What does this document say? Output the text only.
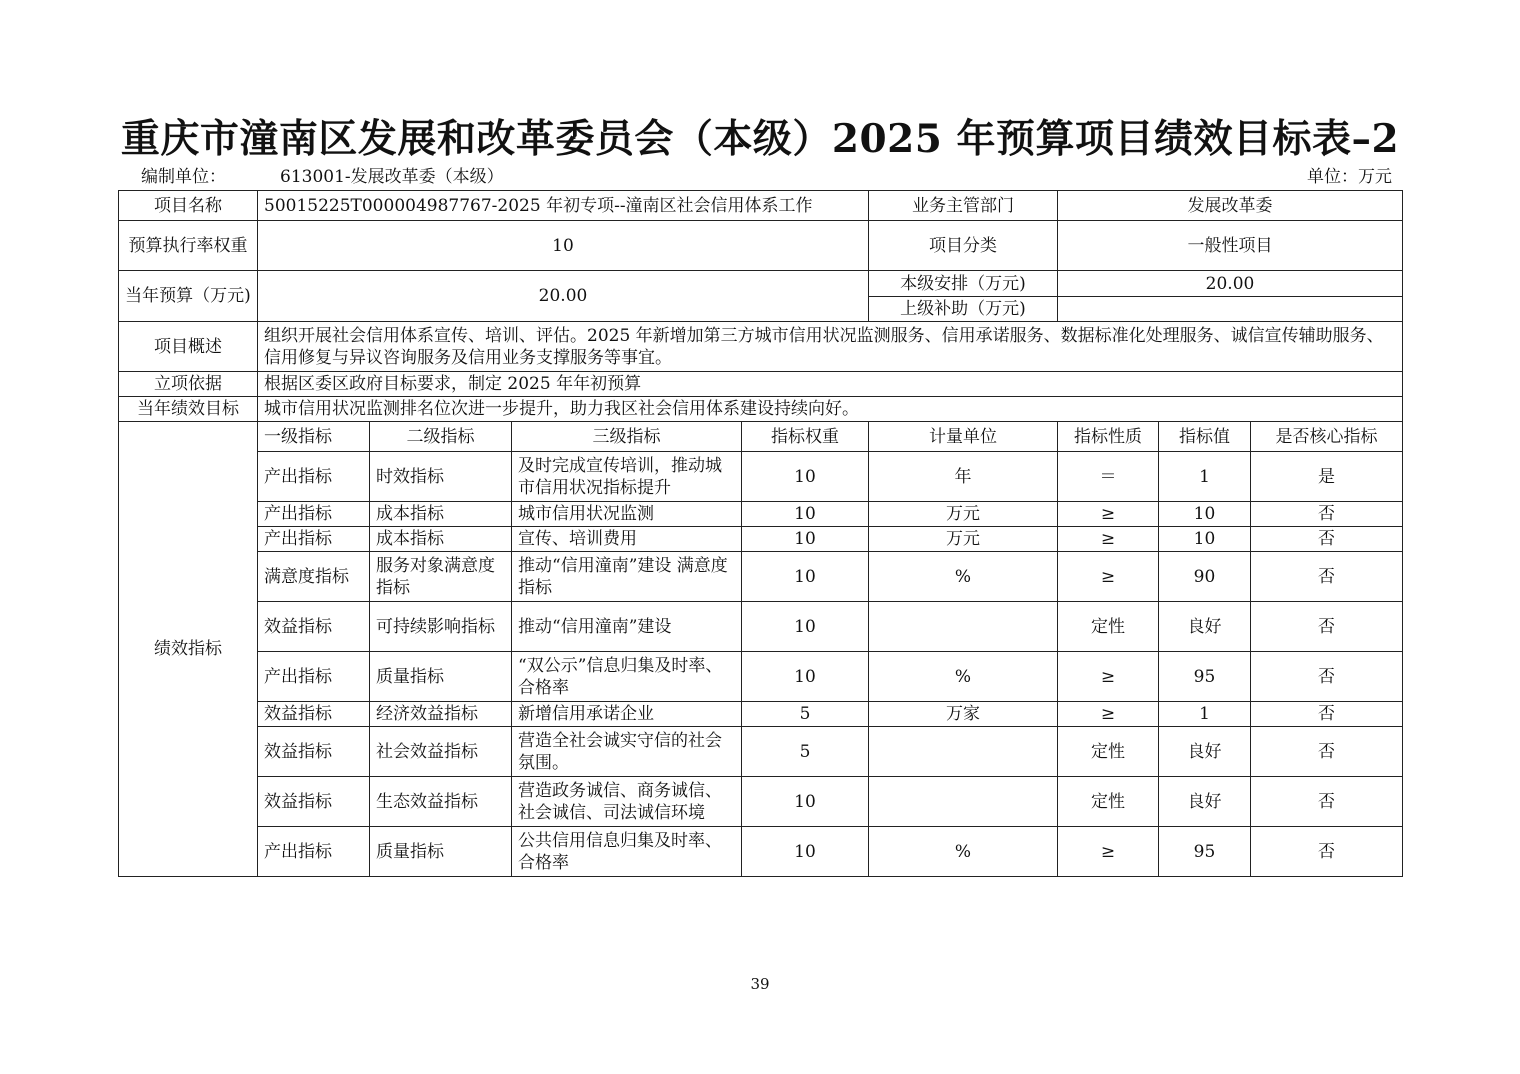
重庆市潼南区发展和改革委员会（本级）2025 年预算项目绩效目标表–2
编制单位：	613001-发展改革委（本级）	单位：万元
项目名称	50015225T000004987767-2025 年初专项--潼南区社会信用体系工作				业务主管部门	发展改革委		
预算执行率权重	10				项目分类	一般性项目		
当年预算（万元)	20.00				本级安排（万元)	20.00		
					上级补助（万元)			
项目概述	组织开展社会信用体系宣传、培训、评估。2025 年新增加第三方城市信用状况监测服务、信用承诺服务、数据标准化处理服务、诚信宣传辅助服务、信用修复与异议咨询服务及信用业务支撑服务等事宜。							
立项依据	根据区委区政府目标要求，制定 2025 年年初预算							
当年绩效目标	城市信用状况监测排名位次进一步提升，助力我区社会信用体系建设持续向好。							
绩效指标	一级指标	二级指标	三级指标	指标权重	计量单位	指标性质	指标值	是否核心指标
	产出指标	时效指标	及时完成宣传培训，推动城市信用状况指标提升	10	年	＝	1	是
	产出指标	成本指标	城市信用状况监测	10	万元	≥	10	否
	产出指标	成本指标	宣传、培训费用	10	万元	≥	10	否
	满意度指标	服务对象满意度指标	推动“信用潼南”建设 满意度指标	10	%	≥	90	否
	效益指标	可持续影响指标	推动“信用潼南”建设	10		定性	良好	否
	产出指标	质量指标	“双公示”信息归集及时率、合格率	10	%	≥	95	否
	效益指标	经济效益指标	新增信用承诺企业	5	万家	≥	1	否
	效益指标	社会效益指标	营造全社会诚实守信的社会氛围。	5		定性	良好	否
	效益指标	生态效益指标	营造政务诚信、商务诚信、社会诚信、司法诚信环境	10		定性	良好	否
	产出指标	质量指标	公共信用信息归集及时率、合格率	10	%	≥	95	否
39
